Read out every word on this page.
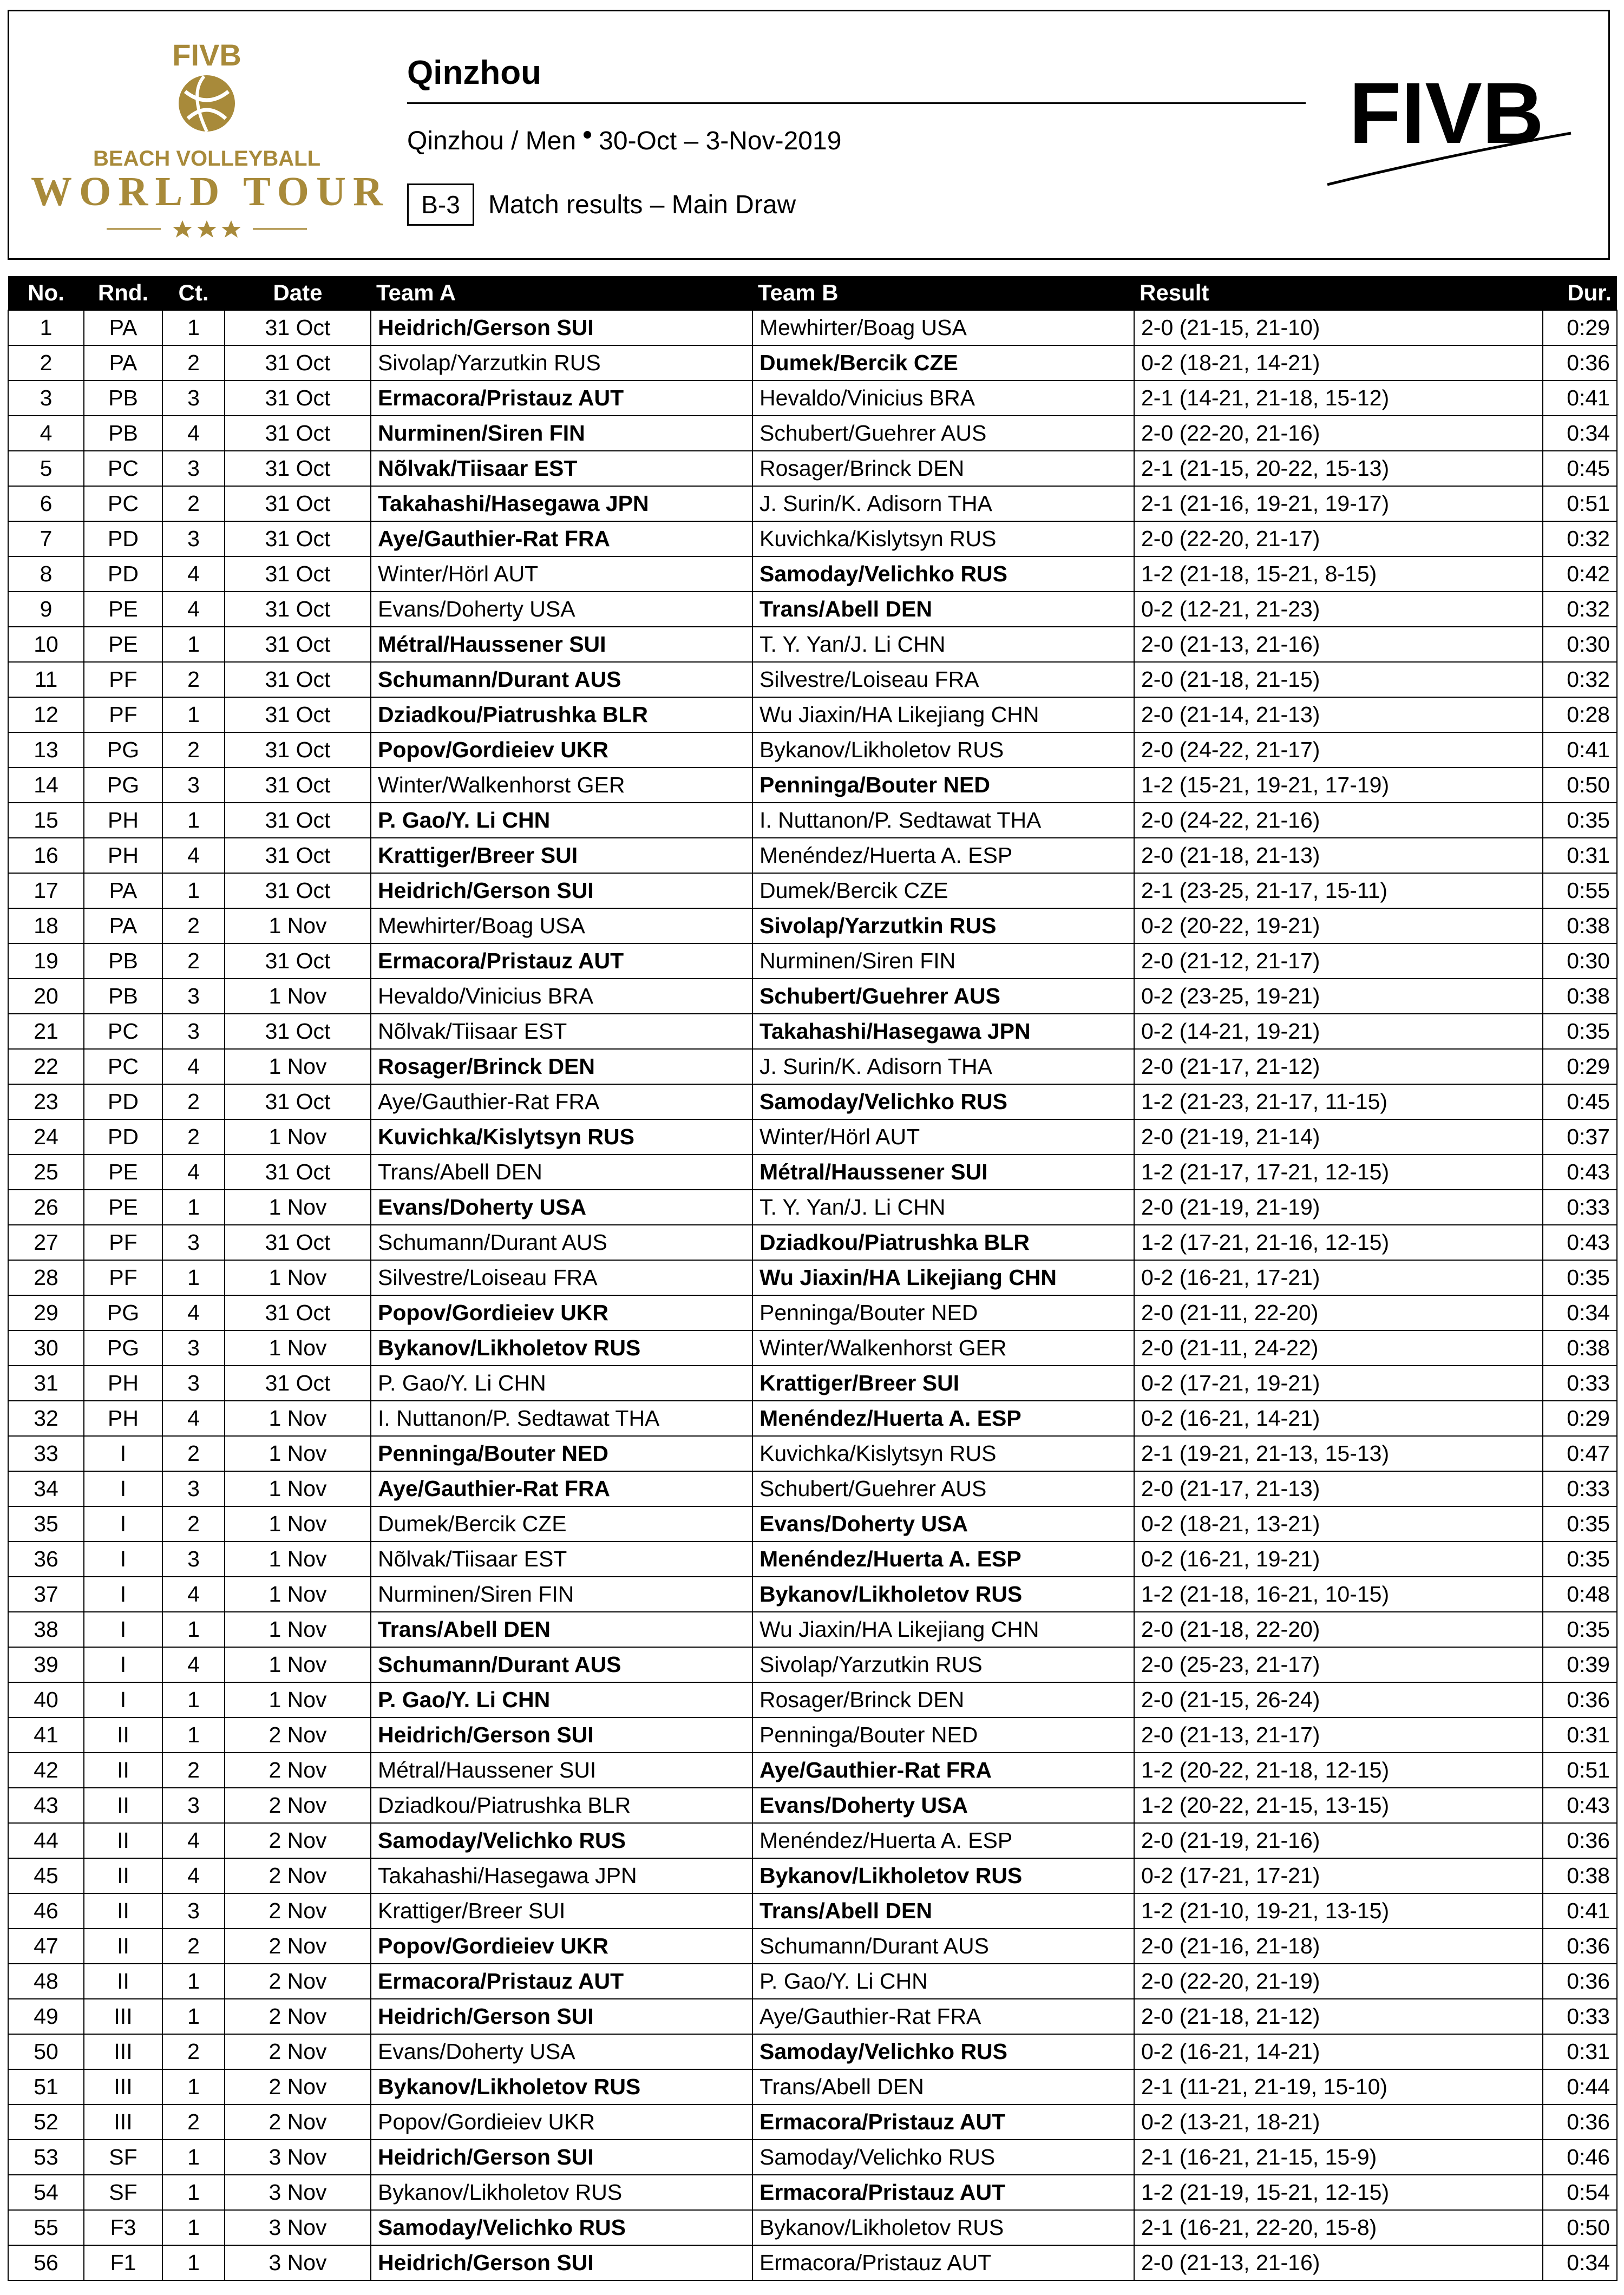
FIVB
BEACH VOLLEYBALL
WORLD TOUR
Qinzhou
Qinzhou / Men 30-Oct – 3-Nov-2019
B-3	Match results – Main Draw
FIVB
No.	Rnd.	Ct.	Date	Team A	Team B	Result	Dur.
1	PA	1	31 Oct	Heidrich/Gerson SUI	Mewhirter/Boag USA	2-0 (21-15, 21-10)	0:29
2	PA	2	31 Oct	Sivolap/Yarzutkin RUS	Dumek/Bercik CZE	0-2 (18-21, 14-21)	0:36
3	PB	3	31 Oct	Ermacora/Pristauz AUT	Hevaldo/Vinicius BRA	2-1 (14-21, 21-18, 15-12)	0:41
4	PB	4	31 Oct	Nurminen/Siren FIN	Schubert/Guehrer AUS	2-0 (22-20, 21-16)	0:34
5	PC	3	31 Oct	Nõlvak/Tiisaar EST	Rosager/Brinck DEN	2-1 (21-15, 20-22, 15-13)	0:45
6	PC	2	31 Oct	Takahashi/Hasegawa JPN	J. Surin/K. Adisorn THA	2-1 (21-16, 19-21, 19-17)	0:51
7	PD	3	31 Oct	Aye/Gauthier-Rat FRA	Kuvichka/Kislytsyn RUS	2-0 (22-20, 21-17)	0:32
8	PD	4	31 Oct	Winter/Hörl AUT	Samoday/Velichko RUS	1-2 (21-18, 15-21, 8-15)	0:42
9	PE	4	31 Oct	Evans/Doherty USA	Trans/Abell DEN	0-2 (12-21, 21-23)	0:32
10	PE	1	31 Oct	Métral/Haussener SUI	T. Y. Yan/J. Li CHN	2-0 (21-13, 21-16)	0:30
11	PF	2	31 Oct	Schumann/Durant AUS	Silvestre/Loiseau FRA	2-0 (21-18, 21-15)	0:32
12	PF	1	31 Oct	Dziadkou/Piatrushka BLR	Wu Jiaxin/HA Likejiang CHN	2-0 (21-14, 21-13)	0:28
13	PG	2	31 Oct	Popov/Gordieiev UKR	Bykanov/Likholetov RUS	2-0 (24-22, 21-17)	0:41
14	PG	3	31 Oct	Winter/Walkenhorst GER	Penninga/Bouter NED	1-2 (15-21, 19-21, 17-19)	0:50
15	PH	1	31 Oct	P. Gao/Y. Li CHN	I. Nuttanon/P. Sedtawat THA	2-0 (24-22, 21-16)	0:35
16	PH	4	31 Oct	Krattiger/Breer SUI	Menéndez/Huerta A. ESP	2-0 (21-18, 21-13)	0:31
17	PA	1	31 Oct	Heidrich/Gerson SUI	Dumek/Bercik CZE	2-1 (23-25, 21-17, 15-11)	0:55
18	PA	2	1 Nov	Mewhirter/Boag USA	Sivolap/Yarzutkin RUS	0-2 (20-22, 19-21)	0:38
19	PB	2	31 Oct	Ermacora/Pristauz AUT	Nurminen/Siren FIN	2-0 (21-12, 21-17)	0:30
20	PB	3	1 Nov	Hevaldo/Vinicius BRA	Schubert/Guehrer AUS	0-2 (23-25, 19-21)	0:38
21	PC	3	31 Oct	Nõlvak/Tiisaar EST	Takahashi/Hasegawa JPN	0-2 (14-21, 19-21)	0:35
22	PC	4	1 Nov	Rosager/Brinck DEN	J. Surin/K. Adisorn THA	2-0 (21-17, 21-12)	0:29
23	PD	2	31 Oct	Aye/Gauthier-Rat FRA	Samoday/Velichko RUS	1-2 (21-23, 21-17, 11-15)	0:45
24	PD	2	1 Nov	Kuvichka/Kislytsyn RUS	Winter/Hörl AUT	2-0 (21-19, 21-14)	0:37
25	PE	4	31 Oct	Trans/Abell DEN	Métral/Haussener SUI	1-2 (21-17, 17-21, 12-15)	0:43
26	PE	1	1 Nov	Evans/Doherty USA	T. Y. Yan/J. Li CHN	2-0 (21-19, 21-19)	0:33
27	PF	3	31 Oct	Schumann/Durant AUS	Dziadkou/Piatrushka BLR	1-2 (17-21, 21-16, 12-15)	0:43
28	PF	1	1 Nov	Silvestre/Loiseau FRA	Wu Jiaxin/HA Likejiang CHN	0-2 (16-21, 17-21)	0:35
29	PG	4	31 Oct	Popov/Gordieiev UKR	Penninga/Bouter NED	2-0 (21-11, 22-20)	0:34
30	PG	3	1 Nov	Bykanov/Likholetov RUS	Winter/Walkenhorst GER	2-0 (21-11, 24-22)	0:38
31	PH	3	31 Oct	P. Gao/Y. Li CHN	Krattiger/Breer SUI	0-2 (17-21, 19-21)	0:33
32	PH	4	1 Nov	I. Nuttanon/P. Sedtawat THA	Menéndez/Huerta A. ESP	0-2 (16-21, 14-21)	0:29
33	I	2	1 Nov	Penninga/Bouter NED	Kuvichka/Kislytsyn RUS	2-1 (19-21, 21-13, 15-13)	0:47
34	I	3	1 Nov	Aye/Gauthier-Rat FRA	Schubert/Guehrer AUS	2-0 (21-17, 21-13)	0:33
35	I	2	1 Nov	Dumek/Bercik CZE	Evans/Doherty USA	0-2 (18-21, 13-21)	0:35
36	I	3	1 Nov	Nõlvak/Tiisaar EST	Menéndez/Huerta A. ESP	0-2 (16-21, 19-21)	0:35
37	I	4	1 Nov	Nurminen/Siren FIN	Bykanov/Likholetov RUS	1-2 (21-18, 16-21, 10-15)	0:48
38	I	1	1 Nov	Trans/Abell DEN	Wu Jiaxin/HA Likejiang CHN	2-0 (21-18, 22-20)	0:35
39	I	4	1 Nov	Schumann/Durant AUS	Sivolap/Yarzutkin RUS	2-0 (25-23, 21-17)	0:39
40	I	1	1 Nov	P. Gao/Y. Li CHN	Rosager/Brinck DEN	2-0 (21-15, 26-24)	0:36
41	II	1	2 Nov	Heidrich/Gerson SUI	Penninga/Bouter NED	2-0 (21-13, 21-17)	0:31
42	II	2	2 Nov	Métral/Haussener SUI	Aye/Gauthier-Rat FRA	1-2 (20-22, 21-18, 12-15)	0:51
43	II	3	2 Nov	Dziadkou/Piatrushka BLR	Evans/Doherty USA	1-2 (20-22, 21-15, 13-15)	0:43
44	II	4	2 Nov	Samoday/Velichko RUS	Menéndez/Huerta A. ESP	2-0 (21-19, 21-16)	0:36
45	II	4	2 Nov	Takahashi/Hasegawa JPN	Bykanov/Likholetov RUS	0-2 (17-21, 17-21)	0:38
46	II	3	2 Nov	Krattiger/Breer SUI	Trans/Abell DEN	1-2 (21-10, 19-21, 13-15)	0:41
47	II	2	2 Nov	Popov/Gordieiev UKR	Schumann/Durant AUS	2-0 (21-16, 21-18)	0:36
48	II	1	2 Nov	Ermacora/Pristauz AUT	P. Gao/Y. Li CHN	2-0 (22-20, 21-19)	0:36
49	III	1	2 Nov	Heidrich/Gerson SUI	Aye/Gauthier-Rat FRA	2-0 (21-18, 21-12)	0:33
50	III	2	2 Nov	Evans/Doherty USA	Samoday/Velichko RUS	0-2 (16-21, 14-21)	0:31
51	III	1	2 Nov	Bykanov/Likholetov RUS	Trans/Abell DEN	2-1 (11-21, 21-19, 15-10)	0:44
52	III	2	2 Nov	Popov/Gordieiev UKR	Ermacora/Pristauz AUT	0-2 (13-21, 18-21)	0:36
53	SF	1	3 Nov	Heidrich/Gerson SUI	Samoday/Velichko RUS	2-1 (16-21, 21-15, 15-9)	0:46
54	SF	1	3 Nov	Bykanov/Likholetov RUS	Ermacora/Pristauz AUT	1-2 (21-19, 15-21, 12-15)	0:54
55	F3	1	3 Nov	Samoday/Velichko RUS	Bykanov/Likholetov RUS	2-1 (16-21, 22-20, 15-8)	0:50
56	F1	1	3 Nov	Heidrich/Gerson SUI	Ermacora/Pristauz AUT	2-0 (21-13, 21-16)	0:34
